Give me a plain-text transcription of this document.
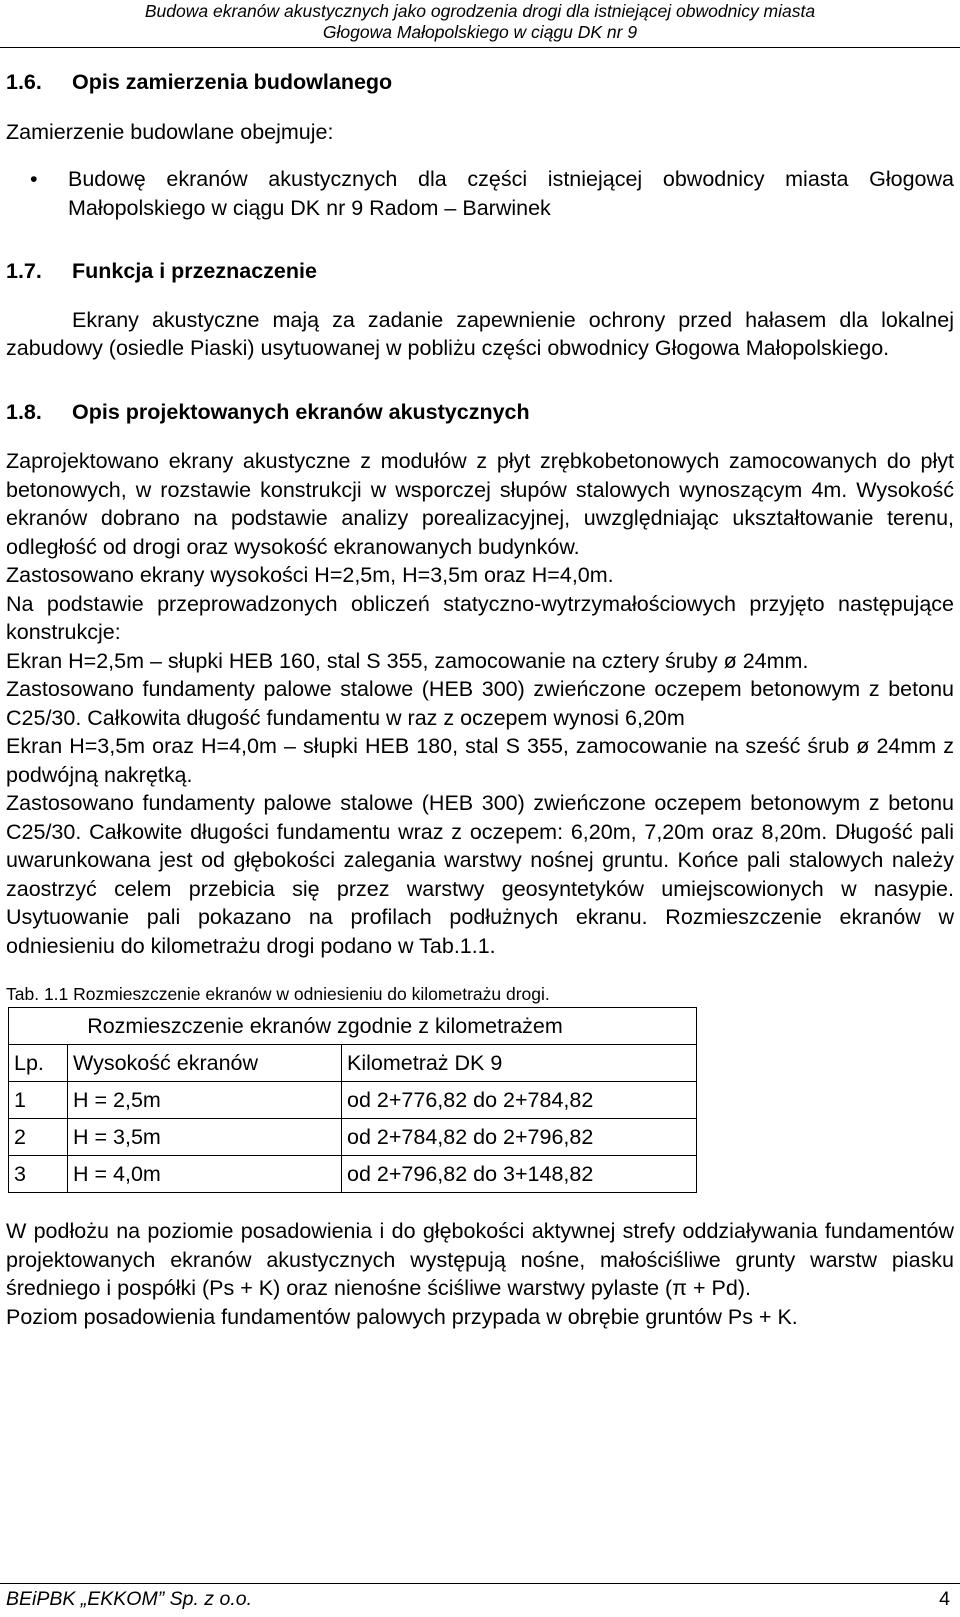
Budowa ekranów akustycznych jako ogrodzenia drogi dla istniejącej obwodnicy miasta
Głogowa Małopolskiego w ciągu DK nr 9

1.6. Opis zamierzenia budowlanego

Zamierzenie budowlane obejmuje:

• Budowę ekranów akustycznych dla części istniejącej obwodnicy miasta Głogowa Małopolskiego w ciągu DK nr 9 Radom – Barwinek

1.7. Funkcja i przeznaczenie

Ekrany akustyczne mają za zadanie zapewnienie ochrony przed hałasem dla lokalnej zabudowy (osiedle Piaski) usytuowanej w pobliżu części obwodnicy Głogowa Małopolskiego.

1.8. Opis projektowanych ekranów akustycznych

Zaprojektowano ekrany akustyczne z modułów z płyt zrębkobetonowych zamocowanych do płyt betonowych, w rozstawie konstrukcji w wsporczej słupów stalowych wynoszącym 4m. Wysokość ekranów dobrano na podstawie analizy porealizacyjnej, uwzględniając ukształtowanie terenu, odległość od drogi oraz wysokość ekranowanych budynków.

Zastosowano ekrany wysokości H=2,5m, H=3,5m oraz H=4,0m.

Na podstawie przeprowadzonych obliczeń statyczno-wytrzymałościowych przyjęto następujące konstrukcje:

Ekran H=2,5m – słupki HEB 160, stal S 355, zamocowanie na cztery śruby ø 24mm.

Zastosowano fundamenty palowe stalowe (HEB 300) zwieńczone oczepem betonowym z betonu C25/30. Całkowita długość fundamentu w raz z oczepem wynosi 6,20m

Ekran H=3,5m oraz H=4,0m – słupki HEB 180, stal S 355, zamocowanie na sześć śrub ø 24mm z podwójną nakrętką.

Zastosowano fundamenty palowe stalowe (HEB 300) zwieńczone oczepem betonowym z betonu C25/30. Całkowite długości fundamentu wraz z oczepem: 6,20m, 7,20m oraz 8,20m. Długość pali uwarunkowana jest od głębokości zalegania warstwy nośnej gruntu. Końce pali stalowych należy zaostrzyć celem przebicia się przez warstwy geosyntetyków umiejscowionych w nasypie. Usytuowanie pali pokazano na profilach podłużnych ekranu. Rozmieszczenie ekranów w odniesieniu do kilometrażu drogi podano w Tab.1.1.

Tab. 1.1 Rozmieszczenie ekranów w odniesieniu do kilometrażu drogi.

Rozmieszczenie ekranów zgodnie z kilometrażem		
Lp.	Wysokość ekranów	Kilometraż DK 9
1	H = 2,5m	od 2+776,82 do 2+784,82
2	H = 3,5m	od 2+784,82 do 2+796,82
3	H = 4,0m	od 2+796,82 do 3+148,82

W podłożu na poziomie posadowienia i do głębokości aktywnej strefy oddziaływania fundamentów projektowanych ekranów akustycznych występują nośne, małościśliwe grunty warstw piasku średniego i pospółki (Ps + K) oraz nienośne ściśliwe warstwy pylaste (π + Pd).

Poziom posadowienia fundamentów palowych przypada w obrębie gruntów Ps + K.

BEiPBK „EKKOM” Sp. z o.o.	4
